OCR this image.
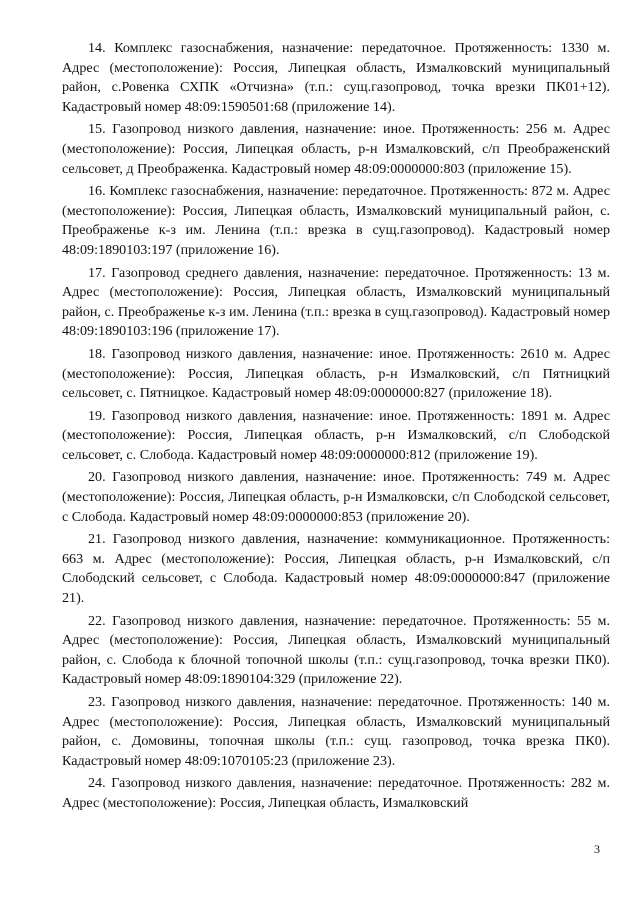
14. Комплекс газоснабжения, назначение: передаточное. Протяженность: 1330 м. Адрес (местоположение): Россия, Липецкая область, Измалковский муниципальный район, с.Ровенка СХПК «Отчизна» (т.п.: сущ.газопровод, точка врезки ПК01+12). Кадастровый номер 48:09:1590501:68 (приложение 14).

15. Газопровод низкого давления, назначение: иное. Протяженность: 256 м. Адрес (местоположение): Россия, Липецкая область, р-н Измалковский, с/п Преображенский сельсовет, д Преображенка. Кадастровый номер 48:09:0000000:803 (приложение 15).

16. Комплекс газоснабжения, назначение: передаточное. Протяженность: 872 м. Адрес (местоположение): Россия, Липецкая область, Измалковский муниципальный район, с. Преображенье к-з им. Ленина (т.п.: врезка в сущ.газопровод). Кадастровый номер 48:09:1890103:197 (приложение 16).

17. Газопровод среднего давления, назначение: передаточное. Протяженность: 13 м. Адрес (местоположение): Россия, Липецкая область, Измалковский муниципальный район, с. Преображенье к-з им. Ленина (т.п.: врезка в сущ.газопровод). Кадастровый номер 48:09:1890103:196 (приложение 17).

18. Газопровод низкого давления, назначение: иное. Протяженность: 2610 м. Адрес (местоположение): Россия, Липецкая область, р-н Измалковский, с/п Пятницкий сельсовет, с. Пятницкое. Кадастровый номер 48:09:0000000:827 (приложение 18).

19. Газопровод низкого давления, назначение: иное. Протяженность: 1891 м. Адрес (местоположение): Россия, Липецкая область, р-н Измалковский, с/п Слободской сельсовет, с. Слобода. Кадастровый номер 48:09:0000000:812 (приложение 19).

20. Газопровод низкого давления, назначение: иное. Протяженность: 749 м. Адрес (местоположение): Россия, Липецкая область, р-н Измалковски, с/п Слободской сельсовет, с Слобода. Кадастровый номер 48:09:0000000:853 (приложение 20).

21. Газопровод низкого давления, назначение: коммуникационное. Протяженность: 663 м. Адрес (местоположение): Россия, Липецкая область, р-н Измалковский, с/п Слободский сельсовет, с Слобода. Кадастровый номер 48:09:0000000:847 (приложение 21).

22. Газопровод низкого давления, назначение: передаточное. Протяженность: 55 м. Адрес (местоположение): Россия, Липецкая область, Измалковский муниципальный район, с. Слобода к блочной топочной школы (т.п.: сущ.газопровод, точка врезки ПК0). Кадастровый номер 48:09:1890104:329 (приложение 22).

23. Газопровод низкого давления, назначение: передаточное. Протяженность: 140 м. Адрес (местоположение): Россия, Липецкая область, Измалковский муниципальный район, с. Домовины, топочная школы (т.п.: сущ. газопровод, точка врезка ПК0). Кадастровый номер 48:09:1070105:23 (приложение 23).

24. Газопровод низкого давления, назначение: передаточное. Протяженность: 282 м. Адрес (местоположение): Россия, Липецкая область, Измалковский

3
